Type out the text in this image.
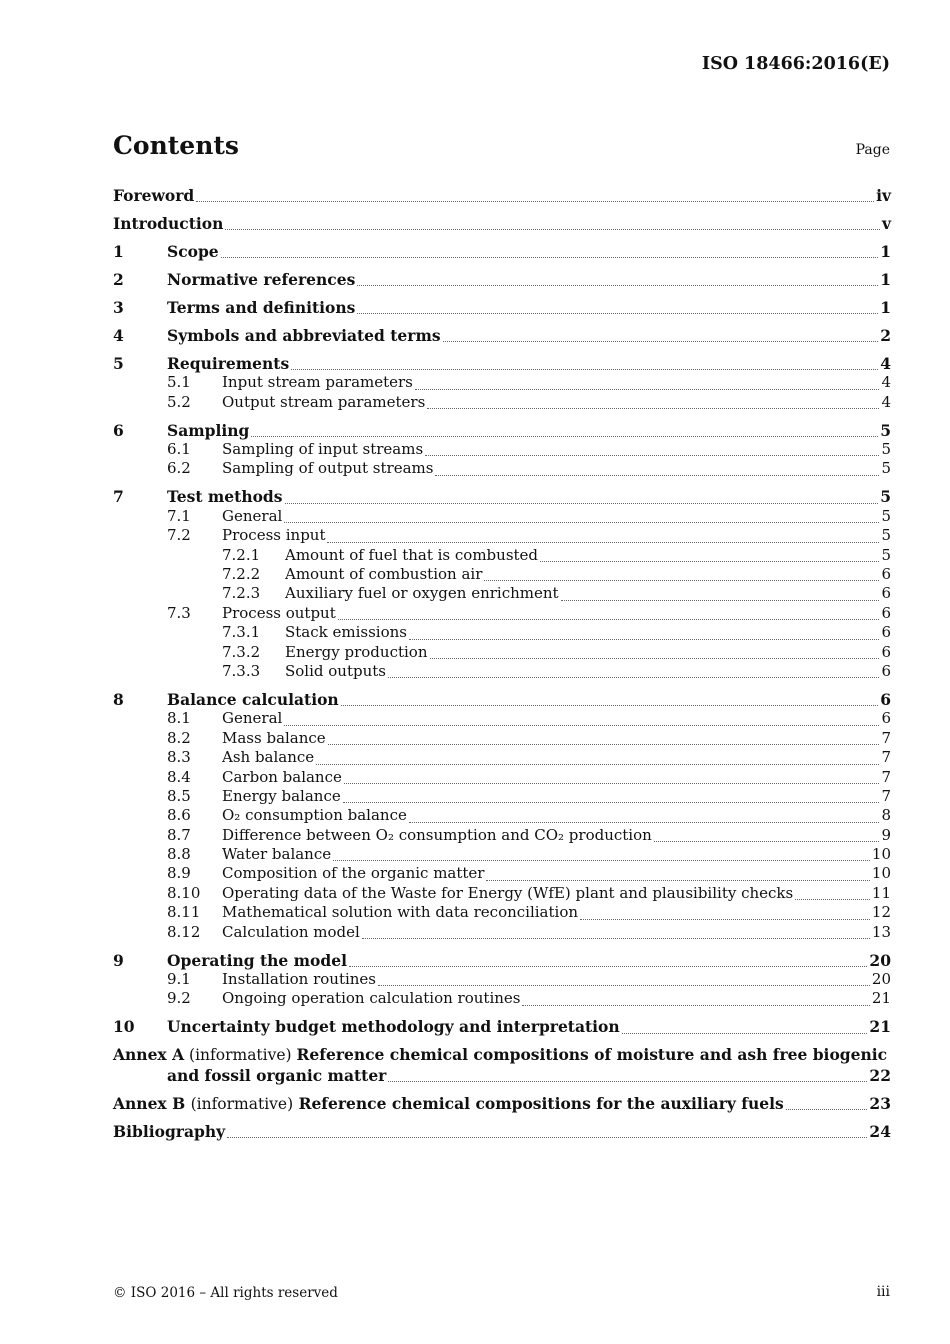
ISO 18466:2016(E)
Contents	Page
Foreword	iv
Introduction	v
1	Scope	1
2	Normative references	1
3	Terms and definitions	1
4	Symbols and abbreviated terms	2
5	Requirements	4
5.1	Input stream parameters	4
5.2	Output stream parameters	4
6	Sampling	5
6.1	Sampling of input streams	5
6.2	Sampling of output streams	5
7	Test methods	5
7.1	General	5
7.2	Process input	5
7.2.1	Amount of fuel that is combusted	5
7.2.2	Amount of combustion air	6
7.2.3	Auxiliary fuel or oxygen enrichment	6
7.3	Process output	6
7.3.1	Stack emissions	6
7.3.2	Energy production	6
7.3.3	Solid outputs	6
8	Balance calculation	6
8.1	General	6
8.2	Mass balance	7
8.3	Ash balance	7
8.4	Carbon balance	7
8.5	Energy balance	7
8.6	O₂ consumption balance	8
8.7	Difference between O₂ consumption and CO₂ production	9
8.8	Water balance	10
8.9	Composition of the organic matter	10
8.10	Operating data of the Waste for Energy (WfE) plant and plausibility checks	11
8.11	Mathematical solution with data reconciliation	12
8.12	Calculation model	13
9	Operating the model	20
9.1	Installation routines	20
9.2	Ongoing operation calculation routines	21
10	Uncertainty budget methodology and interpretation	21
Annex A (informative) Reference chemical compositions of moisture and ash free biogenic
and fossil organic matter	22
Annex B (informative) Reference chemical compositions for the auxiliary fuels	23
Bibliography	24
© ISO 2016 – All rights reserved	iii
